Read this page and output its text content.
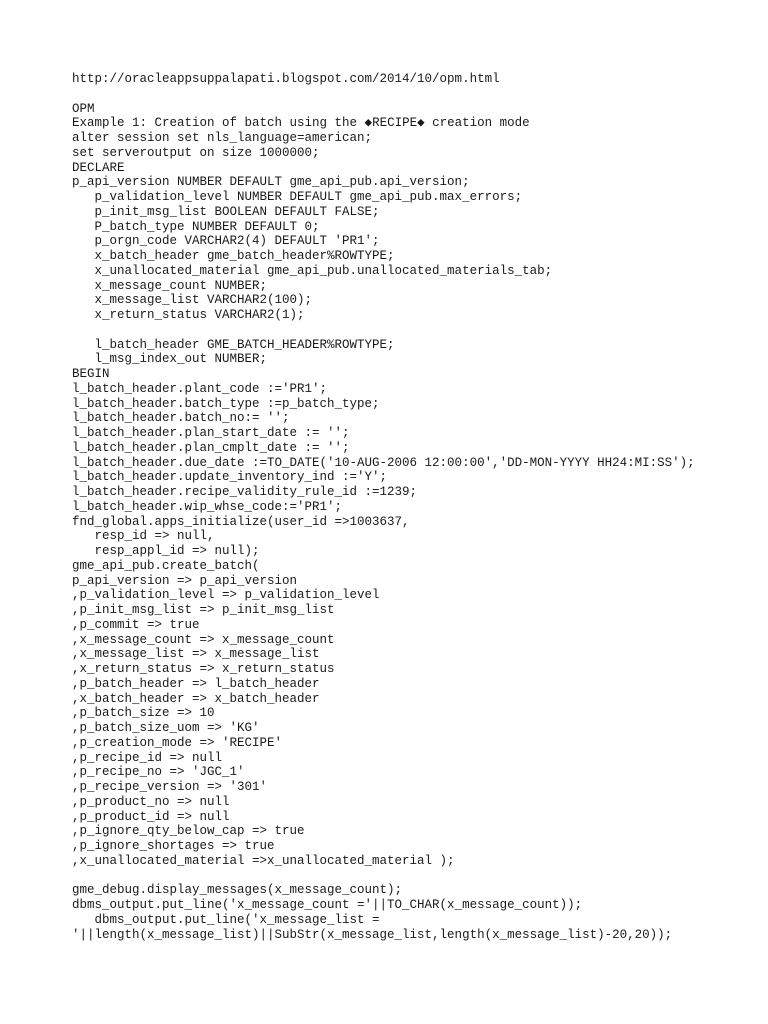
http://oracleappsuppalapati.blogspot.com/2014/10/opm.html
OPM
Example 1: Creation of batch using the ◆RECIPE◆ creation mode
alter session set nls_language=american;
set serveroutput on size 1000000;
DECLARE
p_api_version NUMBER DEFAULT gme_api_pub.api_version;
p_validation_level NUMBER DEFAULT gme_api_pub.max_errors;
p_init_msg_list BOOLEAN DEFAULT FALSE;
P_batch_type NUMBER DEFAULT 0;
p_orgn_code VARCHAR2(4) DEFAULT 'PR1';
x_batch_header gme_batch_header%ROWTYPE;
x_unallocated_material gme_api_pub.unallocated_materials_tab;
x_message_count NUMBER;
x_message_list VARCHAR2(100);
x_return_status VARCHAR2(1);
l_batch_header GME_BATCH_HEADER%ROWTYPE;
l_msg_index_out NUMBER;
BEGIN
l_batch_header.plant_code :='PR1';
l_batch_header.batch_type :=p_batch_type;
l_batch_header.batch_no:= '';
l_batch_header.plan_start_date := '';
l_batch_header.plan_cmplt_date := '';
l_batch_header.due_date :=TO_DATE('10-AUG-2006 12:00:00','DD-MON-YYYY HH24:MI:SS');
l_batch_header.update_inventory_ind :='Y';
l_batch_header.recipe_validity_rule_id :=1239;
l_batch_header.wip_whse_code:='PR1';
fnd_global.apps_initialize(user_id =>1003637,
resp_id => null,
resp_appl_id => null);
gme_api_pub.create_batch(
p_api_version => p_api_version
,p_validation_level => p_validation_level
,p_init_msg_list => p_init_msg_list
,p_commit => true
,x_message_count => x_message_count
,x_message_list => x_message_list
,x_return_status => x_return_status
,p_batch_header => l_batch_header
,x_batch_header => x_batch_header
,p_batch_size => 10
,p_batch_size_uom => 'KG'
,p_creation_mode => 'RECIPE'
,p_recipe_id => null
,p_recipe_no => 'JGC_1'
,p_recipe_version => '301'
,p_product_no => null
,p_product_id => null
,p_ignore_qty_below_cap => true
,p_ignore_shortages => true
,x_unallocated_material =>x_unallocated_material );
gme_debug.display_messages(x_message_count);
dbms_output.put_line('x_message_count ='||TO_CHAR(x_message_count));
dbms_output.put_line('x_message_list =
'||length(x_message_list)||SubStr(x_message_list,length(x_message_list)-20,20));
